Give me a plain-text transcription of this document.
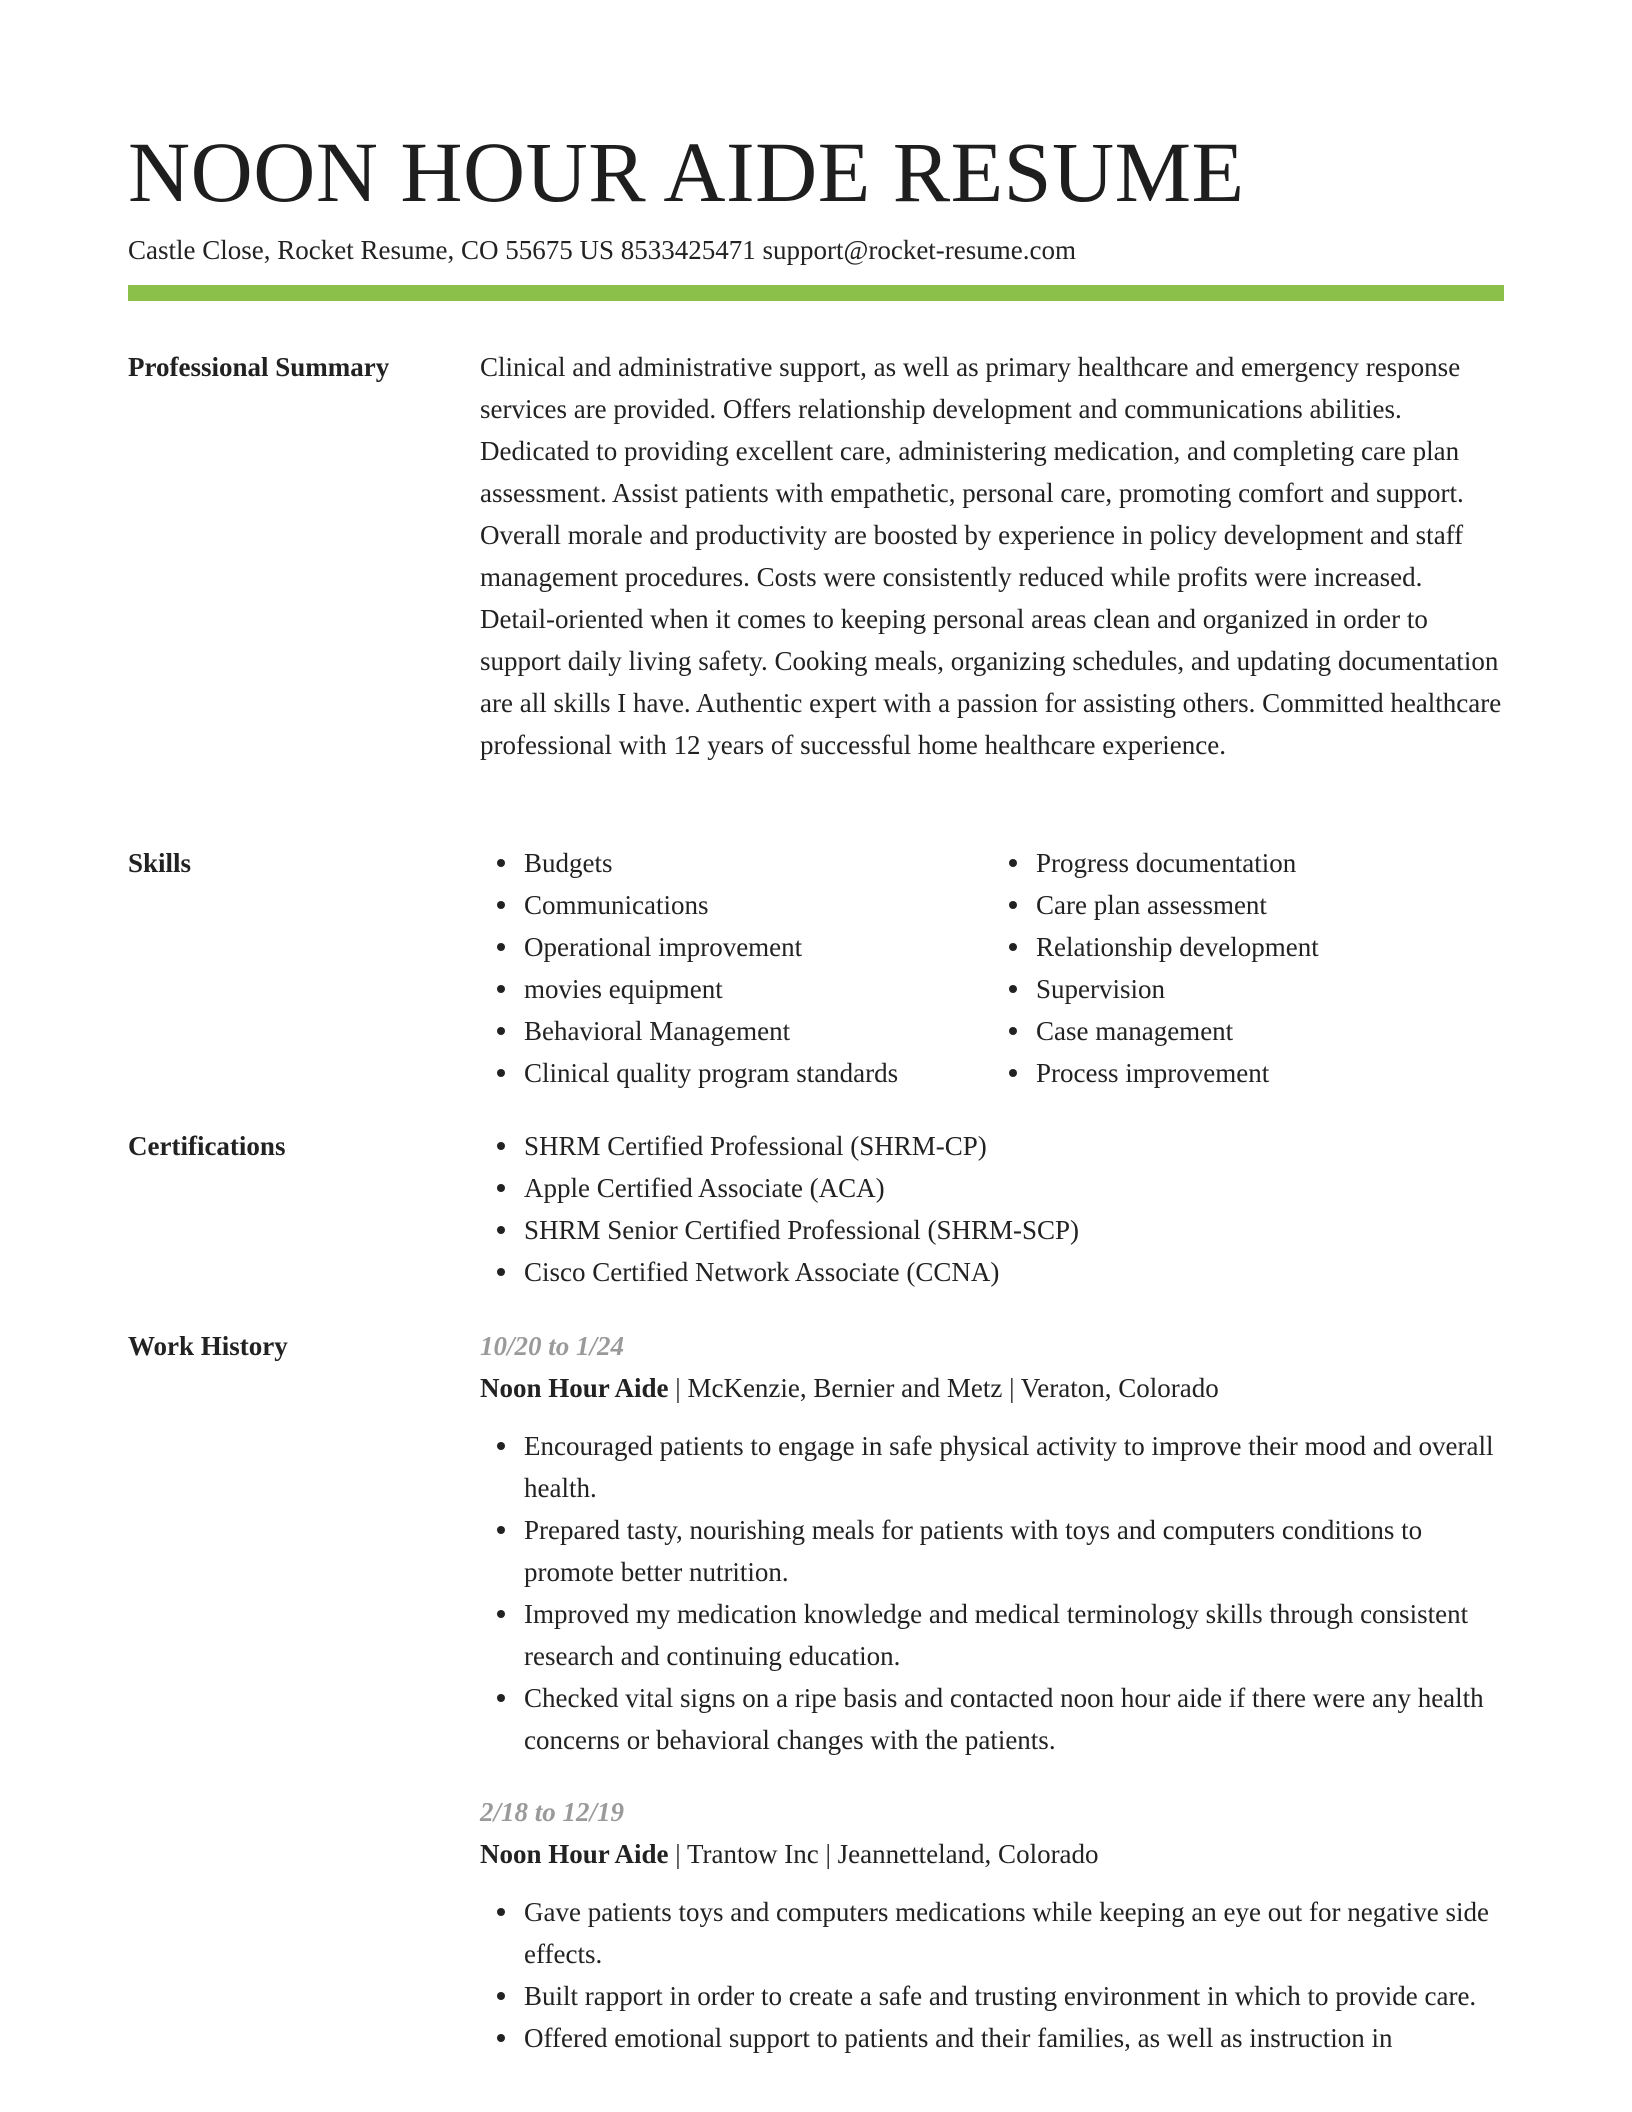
NOON HOUR AIDE RESUME
Castle Close, Rocket Resume, CO 55675 US 8533425471 support@rocket-resume.com
Professional Summary	Clinical and administrative support, as well as primary healthcare and emergency response services are provided. Offers relationship development and communications abilities. Dedicated to providing excellent care, administering medication, and completing care plan assessment. Assist patients with empathetic, personal care, promoting comfort and support. Overall morale and productivity are boosted by experience in policy development and staff management procedures. Costs were consistently reduced while profits were increased. Detail-oriented when it comes to keeping personal areas clean and organized in order to support daily living safety. Cooking meals, organizing schedules, and updating documentation are all skills I have. Authentic expert with a passion for assisting others. Committed healthcare professional with 12 years of successful home healthcare experience.

Skills	Budgets
Communications
Operational improvement
movies equipment
Behavioral Management
Clinical quality program standards
Progress documentation
Care plan assessment
Relationship development
Supervision
Case management
Process improvement
Certifications	SHRM Certified Professional (SHRM-CP)
Apple Certified Associate (ACA)
SHRM Senior Certified Professional (SHRM-SCP)
Cisco Certified Network Associate (CCNA)
Work History	10/20 to 1/24
Noon Hour Aide | McKenzie, Bernier and Metz | Veraton, Colorado
Encouraged patients to engage in safe physical activity to improve their mood and overall health.
Prepared tasty, nourishing meals for patients with toys and computers conditions to promote better nutrition.
Improved my medication knowledge and medical terminology skills through consistent research and continuing education.
Checked vital signs on a ripe basis and contacted noon hour aide if there were any health concerns or behavioral changes with the patients.
2/18 to 12/19
Noon Hour Aide | Trantow Inc | Jeannetteland, Colorado
Gave patients toys and computers medications while keeping an eye out for negative side effects.
Built rapport in order to create a safe and trusting environment in which to provide care.
Offered emotional support to patients and their families, as well as instruction in
